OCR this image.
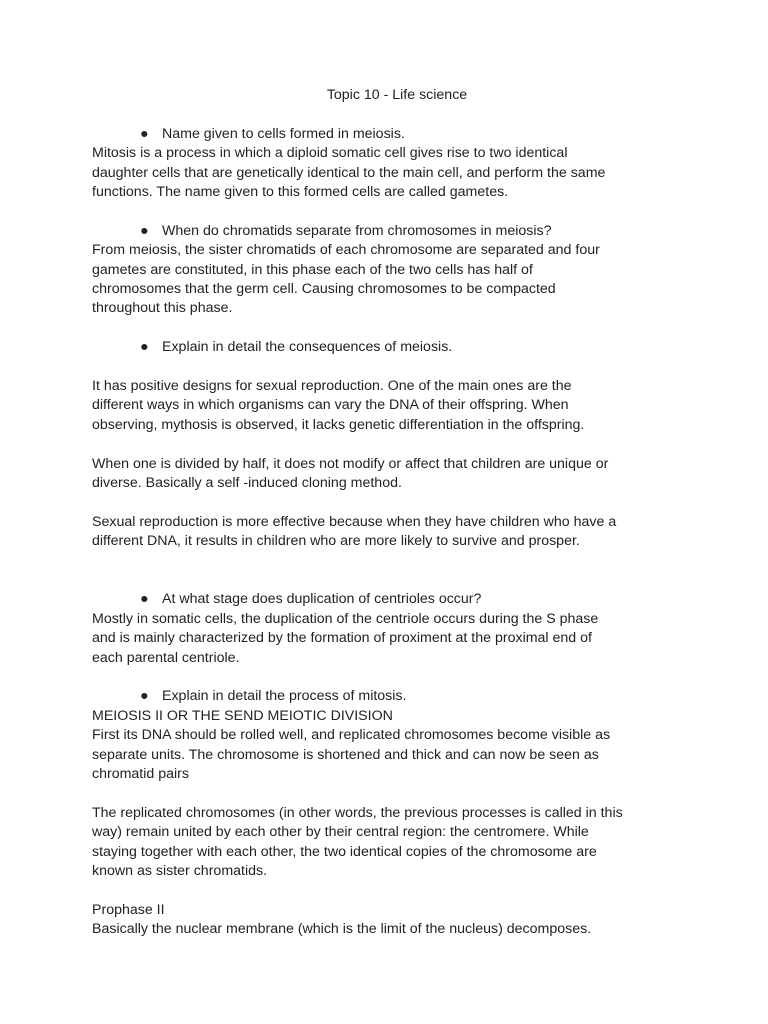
Topic 10 - Life science

● Name given to cells formed in meiosis.

Mitosis is a process in which a diploid somatic cell gives rise to two identical
daughter cells that are genetically identical to the main cell, and perform the same
functions. The name given to this formed cells are called gametes.

● When do chromatids separate from chromosomes in meiosis?

From meiosis, the sister chromatids of each chromosome are separated and four
gametes are constituted, in this phase each of the two cells has half of
chromosomes that the germ cell. Causing chromosomes to be compacted
throughout this phase.

● Explain in detail the consequences of meiosis.

It has positive designs for sexual reproduction. One of the main ones are the
different ways in which organisms can vary the DNA of their offspring. When
observing, mythosis is observed, it lacks genetic differentiation in the offspring.

When one is divided by half, it does not modify or affect that children are unique or
diverse. Basically a self -induced cloning method.

Sexual reproduction is more effective because when they have children who have a
different DNA, it results in children who are more likely to survive and prosper.

● At what stage does duplication of centrioles occur?

Mostly in somatic cells, the duplication of the centriole occurs during the S phase
and is mainly characterized by the formation of proximent at the proximal end of
each parental centriole.

● Explain in detail the process of mitosis.

MEIOSIS II OR THE SEND MEIOTIC DIVISION

First its DNA should be rolled well, and replicated chromosomes become visible as
separate units. The chromosome is shortened and thick and can now be seen as
chromatid pairs

The replicated chromosomes (in other words, the previous processes is called in this
way) remain united by each other by their central region: the centromere. While
staying together with each other, the two identical copies of the chromosome are
known as sister chromatids.

Prophase II

Basically the nuclear membrane (which is the limit of the nucleus) decomposes.
